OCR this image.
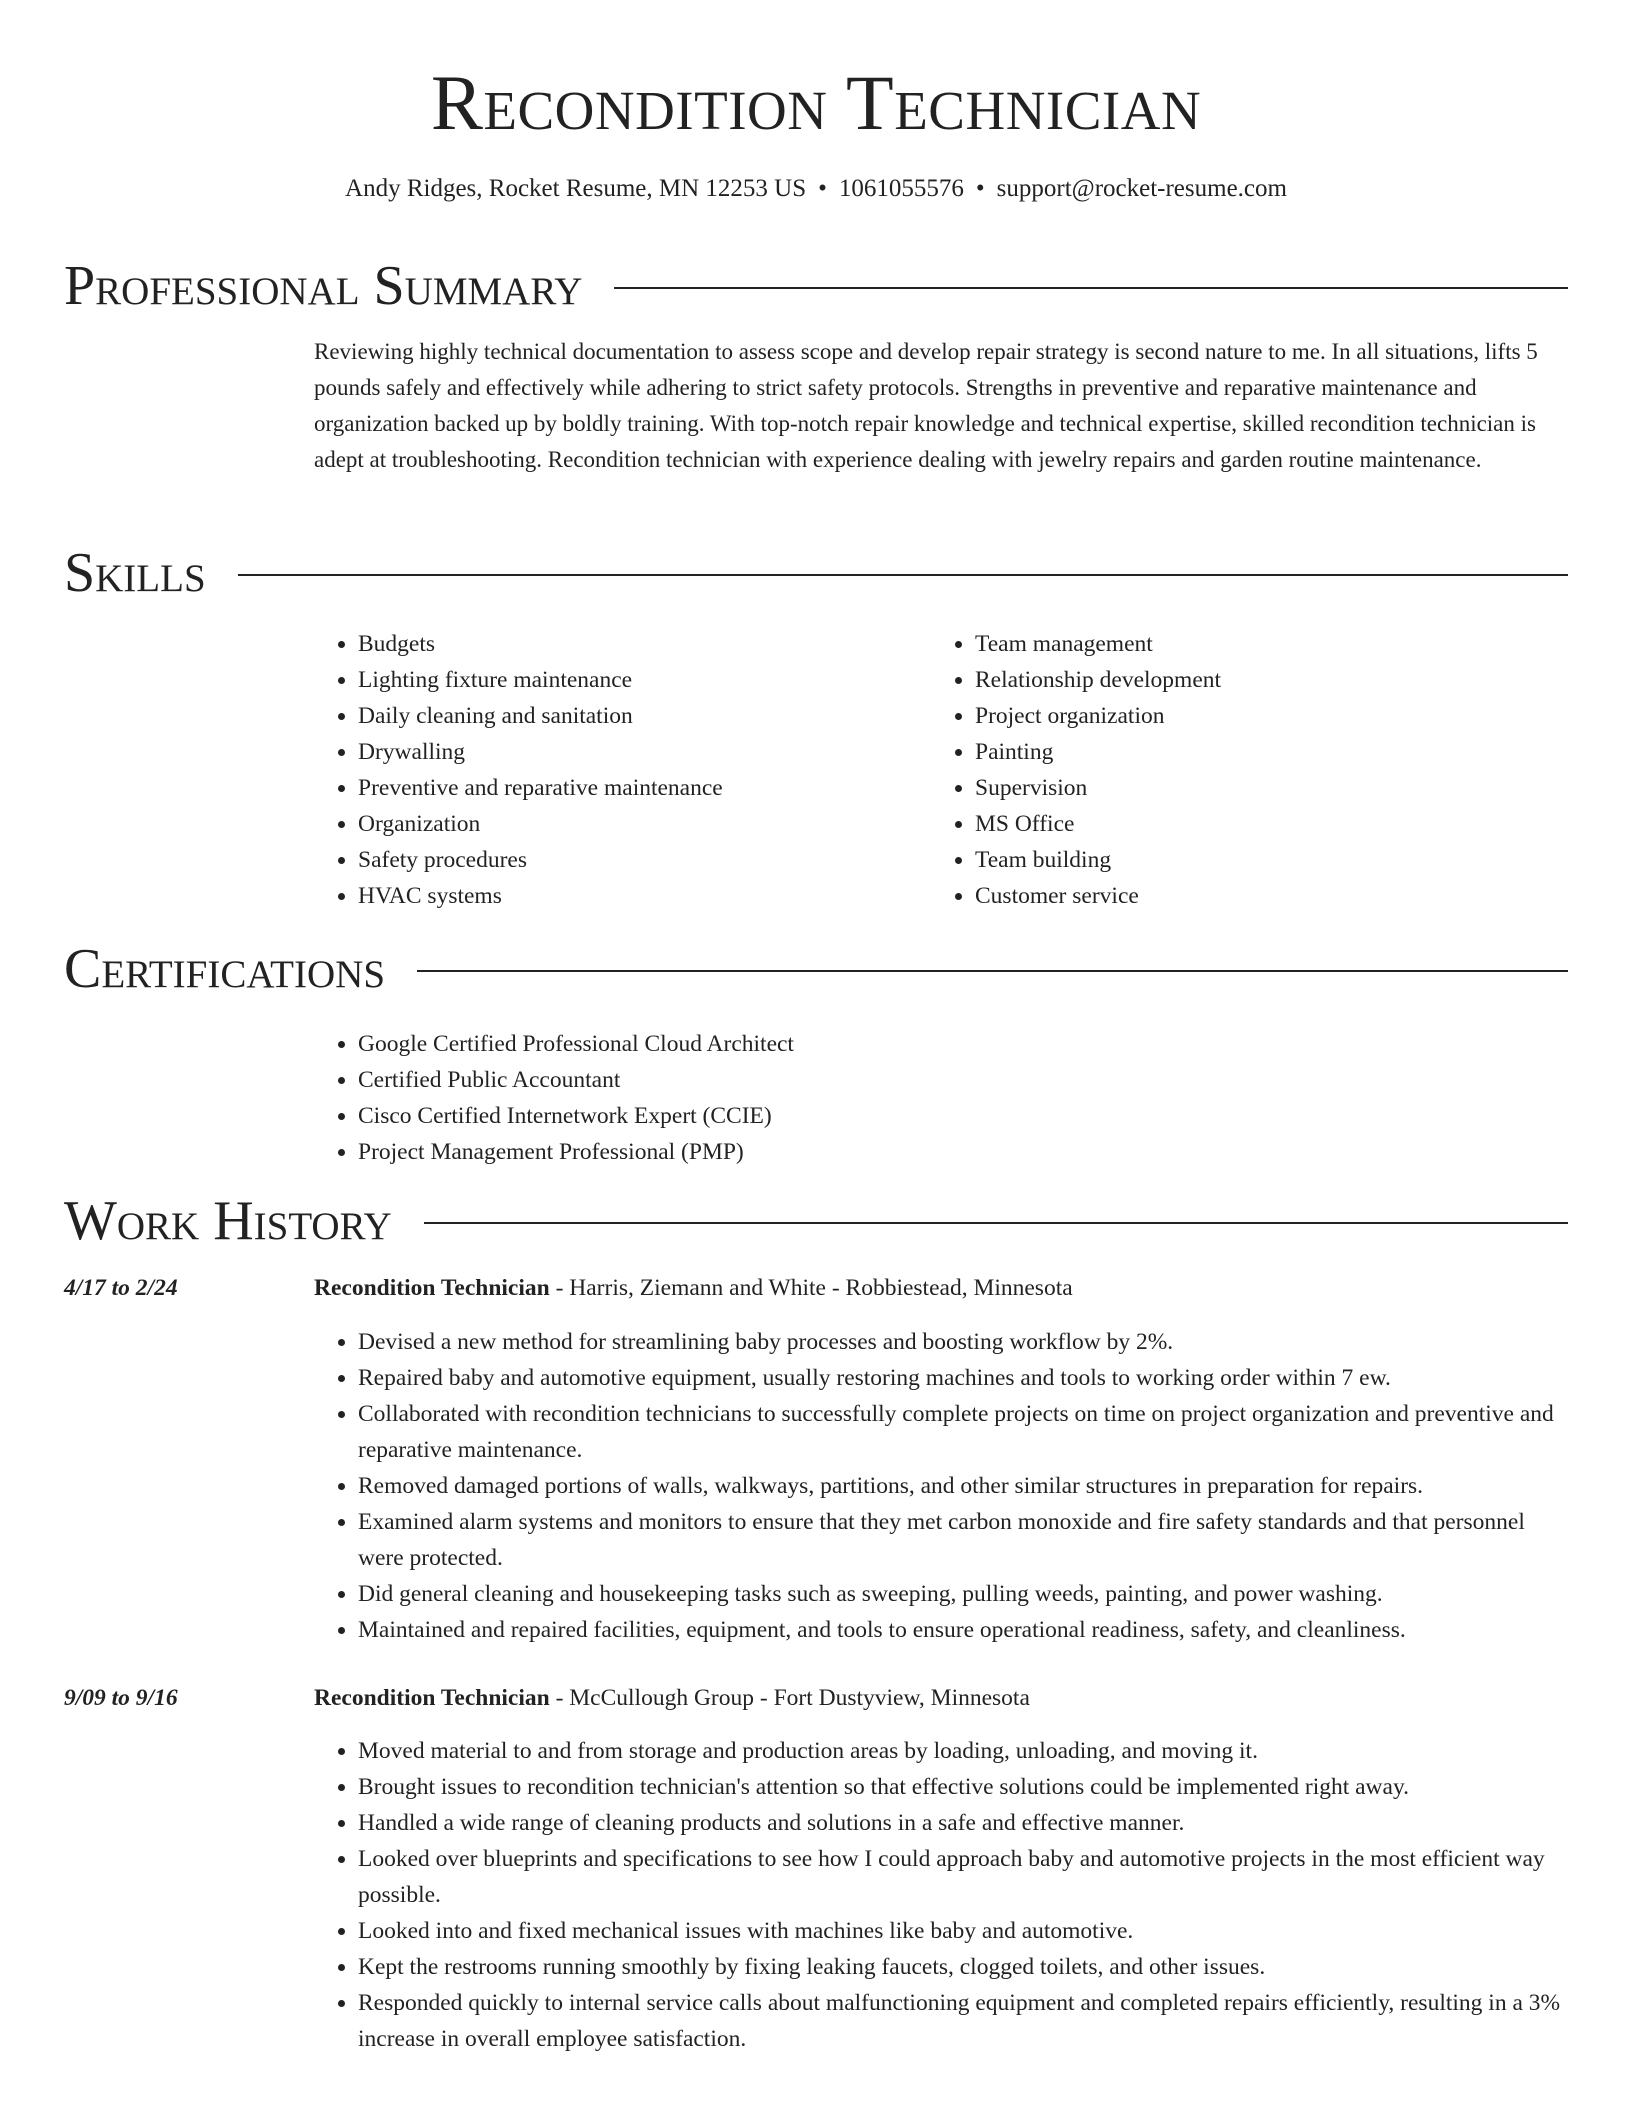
Recondition Technician
Andy Ridges, Rocket Resume, MN 12253 US • 1061055576 • support@rocket-resume.com
Professional Summary
Reviewing highly technical documentation to assess scope and develop repair strategy is second nature to me. In all situations, lifts 5 pounds safely and effectively while adhering to strict safety protocols. Strengths in preventive and reparative maintenance and organization backed up by boldly training. With top-notch repair knowledge and technical expertise, skilled recondition technician is adept at troubleshooting. Recondition technician with experience dealing with jewelry repairs and garden routine maintenance.
Skills
• Budgets
• Lighting fixture maintenance
• Daily cleaning and sanitation
• Drywalling
• Preventive and reparative maintenance
• Organization
• Safety procedures
• HVAC systems
• Team management
• Relationship development
• Project organization
• Painting
• Supervision
• MS Office
• Team building
• Customer service
Certifications
• Google Certified Professional Cloud Architect
• Certified Public Accountant
• Cisco Certified Internetwork Expert (CCIE)
• Project Management Professional (PMP)
Work History
4/17 to 2/24	Recondition Technician - Harris, Ziemann and White - Robbiestead, Minnesota
• Devised a new method for streamlining baby processes and boosting workflow by 2%.
• Repaired baby and automotive equipment, usually restoring machines and tools to working order within 7 ew.
• Collaborated with recondition technicians to successfully complete projects on time on project organization and preventive and reparative maintenance.
• Removed damaged portions of walls, walkways, partitions, and other similar structures in preparation for repairs.
• Examined alarm systems and monitors to ensure that they met carbon monoxide and fire safety standards and that personnel were protected.
• Did general cleaning and housekeeping tasks such as sweeping, pulling weeds, painting, and power washing.
• Maintained and repaired facilities, equipment, and tools to ensure operational readiness, safety, and cleanliness.
9/09 to 9/16	Recondition Technician - McCullough Group - Fort Dustyview, Minnesota
• Moved material to and from storage and production areas by loading, unloading, and moving it.
• Brought issues to recondition technician's attention so that effective solutions could be implemented right away.
• Handled a wide range of cleaning products and solutions in a safe and effective manner.
• Looked over blueprints and specifications to see how I could approach baby and automotive projects in the most efficient way possible.
• Looked into and fixed mechanical issues with machines like baby and automotive.
• Kept the restrooms running smoothly by fixing leaking faucets, clogged toilets, and other issues.
• Responded quickly to internal service calls about malfunctioning equipment and completed repairs efficiently, resulting in a 3% increase in overall employee satisfaction.
